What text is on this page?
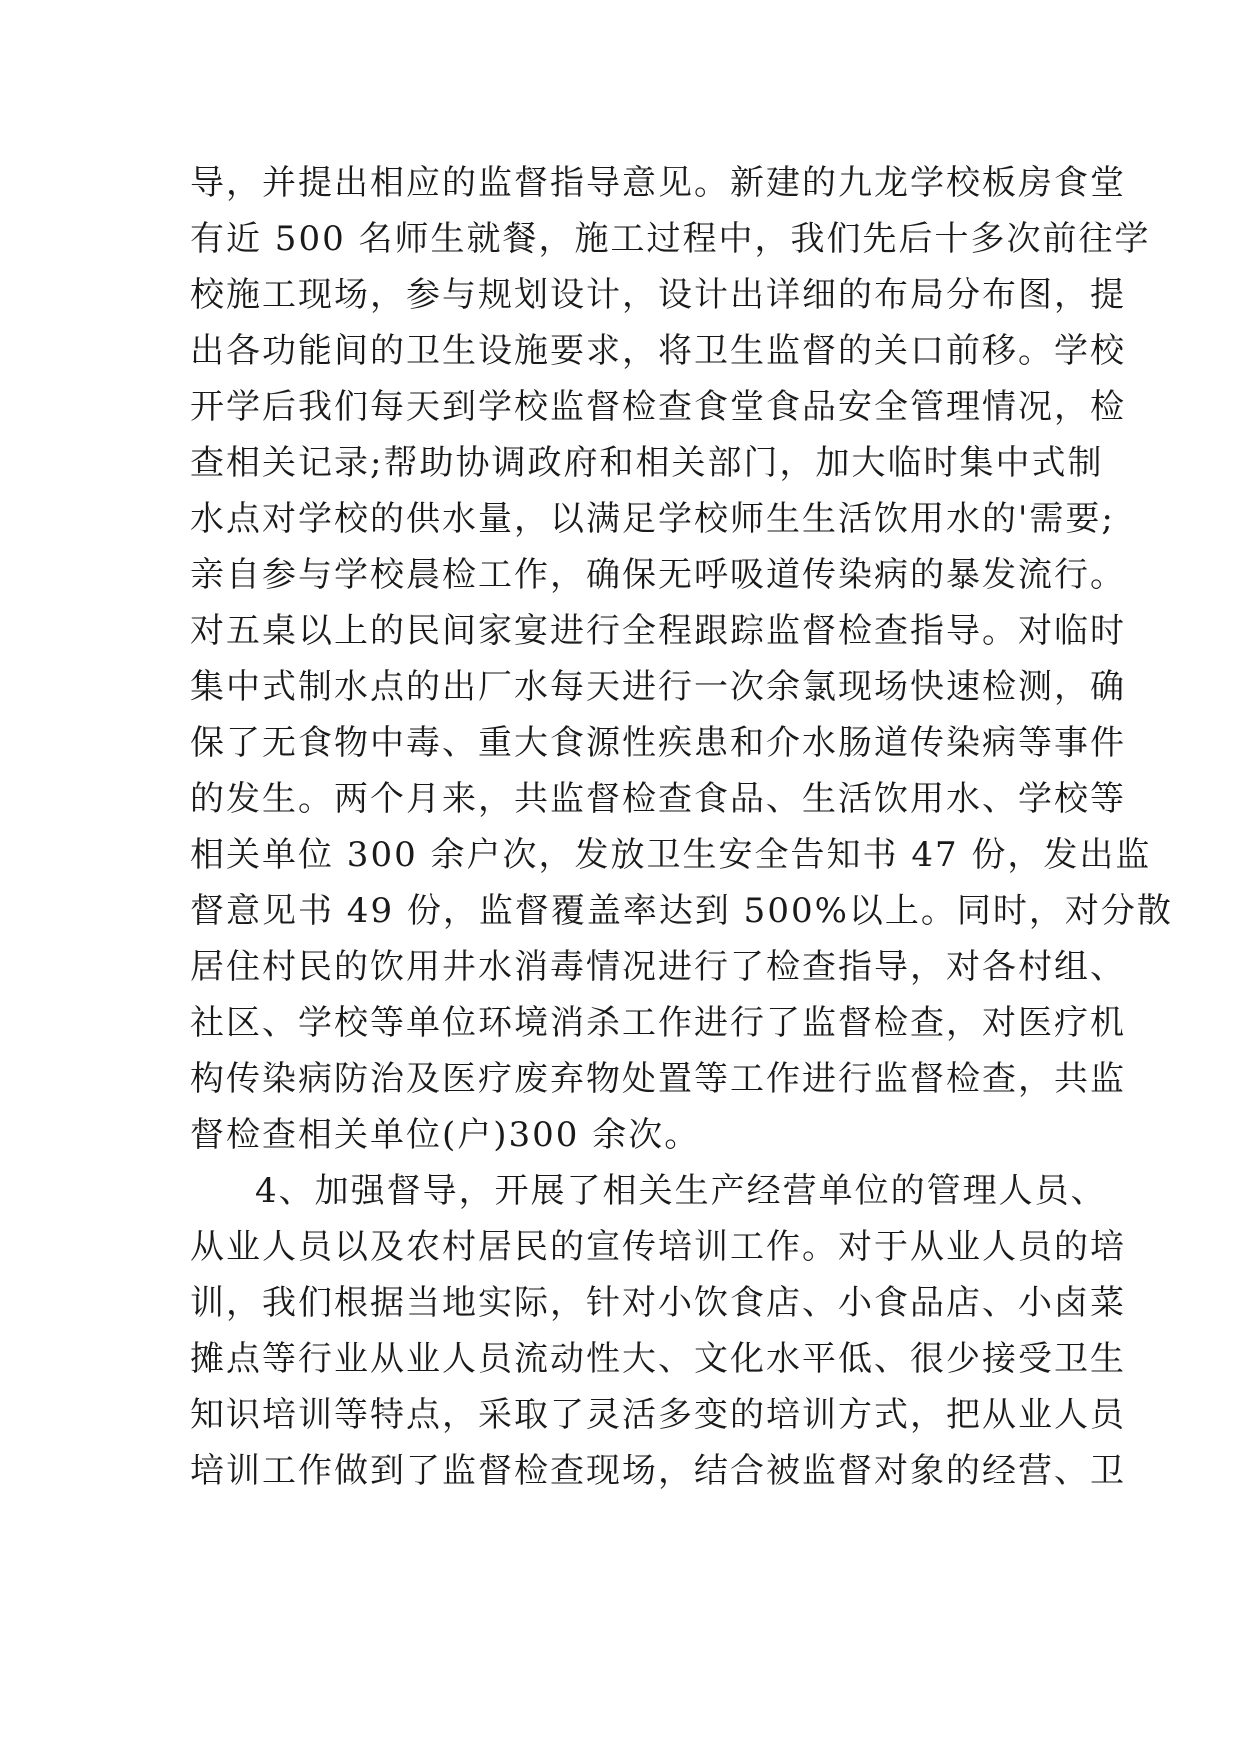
导，并提出相应的监督指导意见。新建的九龙学校板房食堂
有近 500 名师生就餐，施工过程中，我们先后十多次前往学
校施工现场，参与规划设计，设计出详细的布局分布图，提
出各功能间的卫生设施要求，将卫生监督的关口前移。学校
开学后我们每天到学校监督检查食堂食品安全管理情况，检
查相关记录;帮助协调政府和相关部门，加大临时集中式制
水点对学校的供水量，以满足学校师生生活饮用水的'需要;
亲自参与学校晨检工作，确保无呼吸道传染病的暴发流行。
对五桌以上的民间家宴进行全程跟踪监督检查指导。对临时
集中式制水点的出厂水每天进行一次余氯现场快速检测，确
保了无食物中毒、重大食源性疾患和介水肠道传染病等事件
的发生。两个月来，共监督检查食品、生活饮用水、学校等
相关单位 300 余户次，发放卫生安全告知书 47 份，发出监
督意见书 49 份，监督覆盖率达到 500%以上。同时，对分散
居住村民的饮用井水消毒情况进行了检查指导，对各村组、
社区、学校等单位环境消杀工作进行了监督检查，对医疗机
构传染病防治及医疗废弃物处置等工作进行监督检查，共监
督检查相关单位(户)300 余次。
4、加强督导，开展了相关生产经营单位的管理人员、
从业人员以及农村居民的宣传培训工作。对于从业人员的培
训，我们根据当地实际，针对小饮食店、小食品店、小卤菜
摊点等行业从业人员流动性大、文化水平低、很少接受卫生
知识培训等特点，采取了灵活多变的培训方式，把从业人员
培训工作做到了监督检查现场，结合被监督对象的经营、卫
